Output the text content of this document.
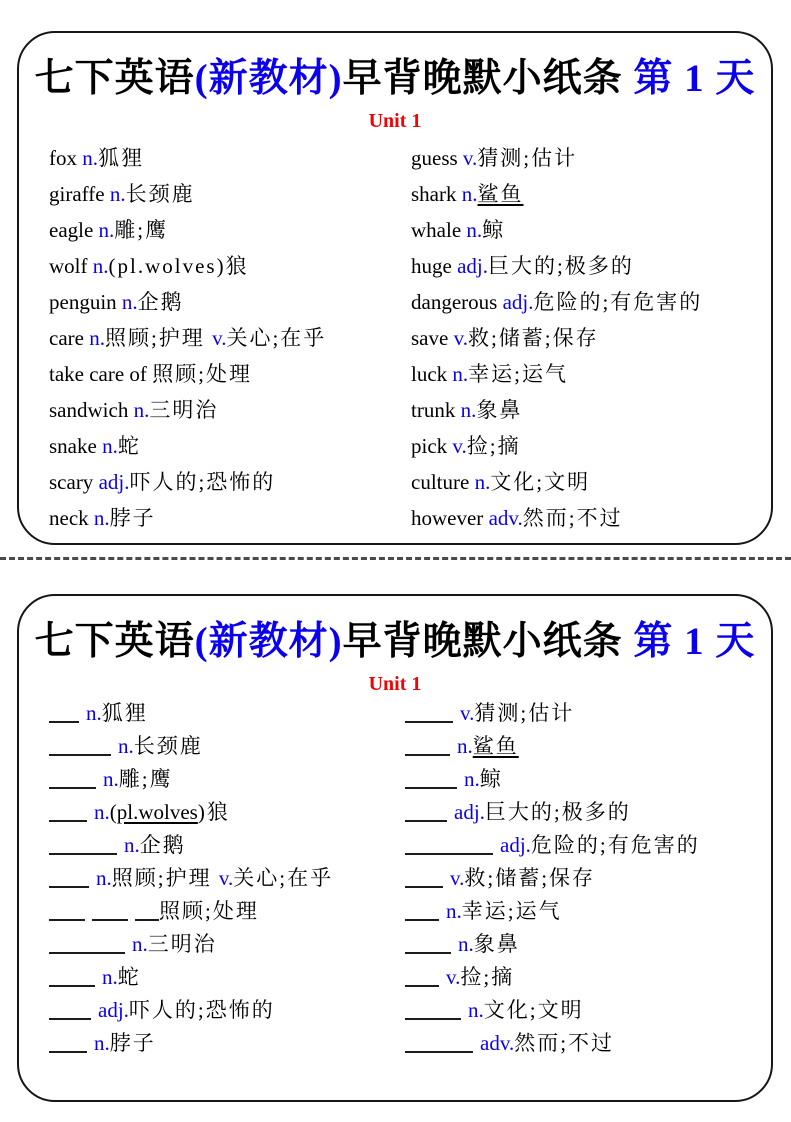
七下英语(新教材)早背晚默小纸条 第 1 天
Unit 1
fox n.狐狸
giraffe n.长颈鹿
eagle n.雕;鹰
wolf n.(pl.wolves)狼
penguin n.企鹅
care n.照顾;护理 v.关心;在乎
take care of 照顾;处理
sandwich n.三明治
snake n.蛇
scary adj.吓人的;恐怖的
neck n.脖子
guess v.猜测;估计
shark n.鲨鱼
whale n.鲸
huge adj.巨大的;极多的
dangerous adj.危险的;有危害的
save v.救;储蓄;保存
luck n.幸运;运气
trunk n.象鼻
pick v.捡;摘
culture n.文化;文明
however adv.然而;不过
七下英语(新教材)早背晚默小纸条 第 1 天
Unit 1
n.狐狸
n.长颈鹿
n.雕;鹰
n.(pl.wolves)狼
n.企鹅
n.照顾;护理 v.关心;在乎
照顾;处理
n.三明治
n.蛇
adj.吓人的;恐怖的
n.脖子
v.猜测;估计
n.鲨鱼
n.鲸
adj.巨大的;极多的
adj.危险的;有危害的
v.救;储蓄;保存
n.幸运;运气
n.象鼻
v.捡;摘
n.文化;文明
adv.然而;不过
